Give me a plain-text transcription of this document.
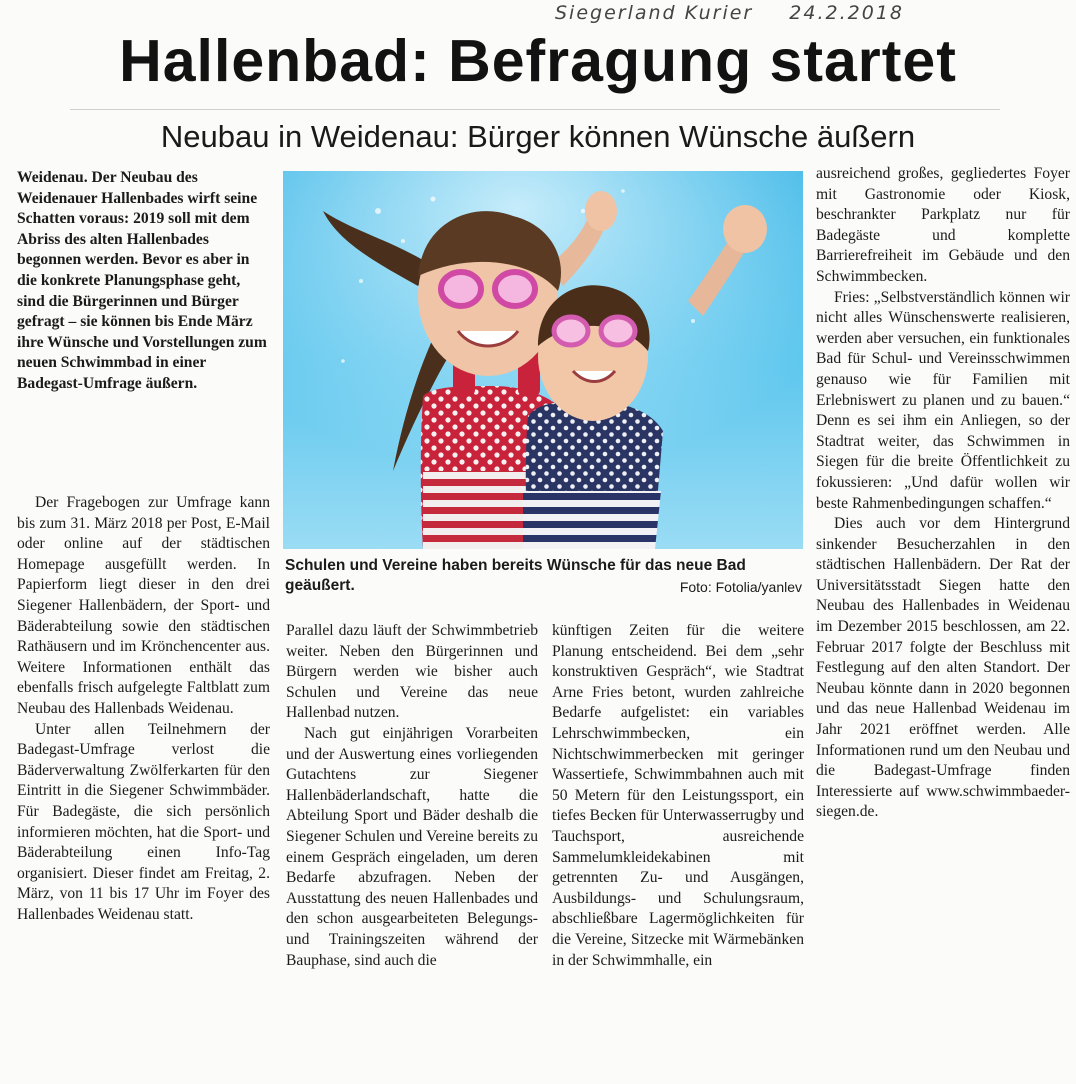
Siegerland Kurier 24.2.2018
Hallenbad: Befragung startet
Neubau in Weidenau: Bürger können Wünsche äußern
Weidenau. Der Neubau des Weidenauer Hallenbades wirft seine Schatten voraus: 2019 soll mit dem Abriss des alten Hallenbades begonnen werden. Bevor es aber in die konkrete Planungsphase geht, sind die Bürgerinnen und Bürger gefragt – sie können bis Ende März ihre Wünsche und Vorstellungen zum neuen Schwimmbad in einer Badegast-Umfrage äußern.
Schulen und Vereine haben bereits Wünsche für das neue Bad geäußert.	Foto: Fotolia/yanlev

Der Fragebogen zur Umfrage kann bis zum 31. März 2018 per Post, E-Mail oder online auf der städtischen Homepage ausgefüllt werden. In Papierform liegt dieser in den drei Siegener Hallenbädern, der Sport- und Bäderabteilung sowie den städtischen Rathäusern und im Krönchencenter aus. Weitere Informationen enthält das ebenfalls frisch aufgelegte Faltblatt zum Neubau des Hallenbads Weidenau.

Unter allen Teilnehmern der Badegast-Umfrage verlost die Bäderverwaltung Zwölferkarten für den Eintritt in die Siegener Schwimmbäder. Für Badegäste, die sich persönlich informieren möchten, hat die Sport- und Bäderabteilung einen Info-Tag organisiert. Dieser findet am Freitag, 2. März, von 11 bis 17 Uhr im Foyer des Hallenbades Weidenau statt.

Parallel dazu läuft der Schwimmbetrieb weiter. Neben den Bürgerinnen und Bürgern werden wie bisher auch Schulen und Vereine das neue Hallenbad nutzen.

Nach gut einjährigen Vorarbeiten und der Auswertung eines vorliegenden Gutachtens zur Siegener Hallenbäderlandschaft, hatte die Abteilung Sport und Bäder deshalb die Siegener Schulen und Vereine bereits zu einem Gespräch eingeladen, um deren Bedarfe abzufragen. Neben der Ausstattung des neuen Hallenbades und den schon ausgearbeiteten Belegungs- und Trainingszeiten während der Bauphase, sind auch die

künftigen Zeiten für die weitere Planung entscheidend. Bei dem „sehr konstruktiven Gespräch“, wie Stadtrat Arne Fries betont, wurden zahlreiche Bedarfe aufgelistet: ein variables Lehrschwimmbecken, ein Nichtschwimmerbecken mit geringer Wassertiefe, Schwimmbahnen auch mit 50 Metern für den Leistungssport, ein tiefes Becken für Unterwasserrugby und Tauchsport, ausreichende Sammelumkleidekabinen mit getrennten Zu- und Ausgängen, Ausbildungs- und Schulungsraum, abschließbare Lagermöglichkeiten für die Vereine, Sitzecke mit Wärmebänken in der Schwimmhalle, ein

ausreichend großes, gegliedertes Foyer mit Gastronomie oder Kiosk, beschrankter Parkplatz nur für Badegäste und komplette Barrierefreiheit im Gebäude und den Schwimmbecken.

Fries: „Selbstverständlich können wir nicht alles Wünschenswerte realisieren, werden aber versuchen, ein funktionales Bad für Schul- und Vereinsschwimmen genauso wie für Familien mit Erlebniswert zu planen und zu bauen.“ Denn es sei ihm ein Anliegen, so der Stadtrat weiter, das Schwimmen in Siegen für die breite Öffentlichkeit zu fokussieren: „Und dafür wollen wir beste Rahmenbedingungen schaffen.“

Dies auch vor dem Hintergrund sinkender Besucherzahlen in den städtischen Hallenbädern. Der Rat der Universitätsstadt Siegen hatte den Neubau des Hallenbades in Weidenau im Dezember 2015 beschlossen, am 22. Februar 2017 folgte der Beschluss mit Festlegung auf den alten Standort. Der Neubau könnte dann in 2020 begonnen und das neue Hallenbad Weidenau im Jahr 2021 eröffnet werden. Alle Informationen rund um den Neubau und die Badegast-Umfrage finden Interessierte auf www.schwimmbaeder-siegen.de.
